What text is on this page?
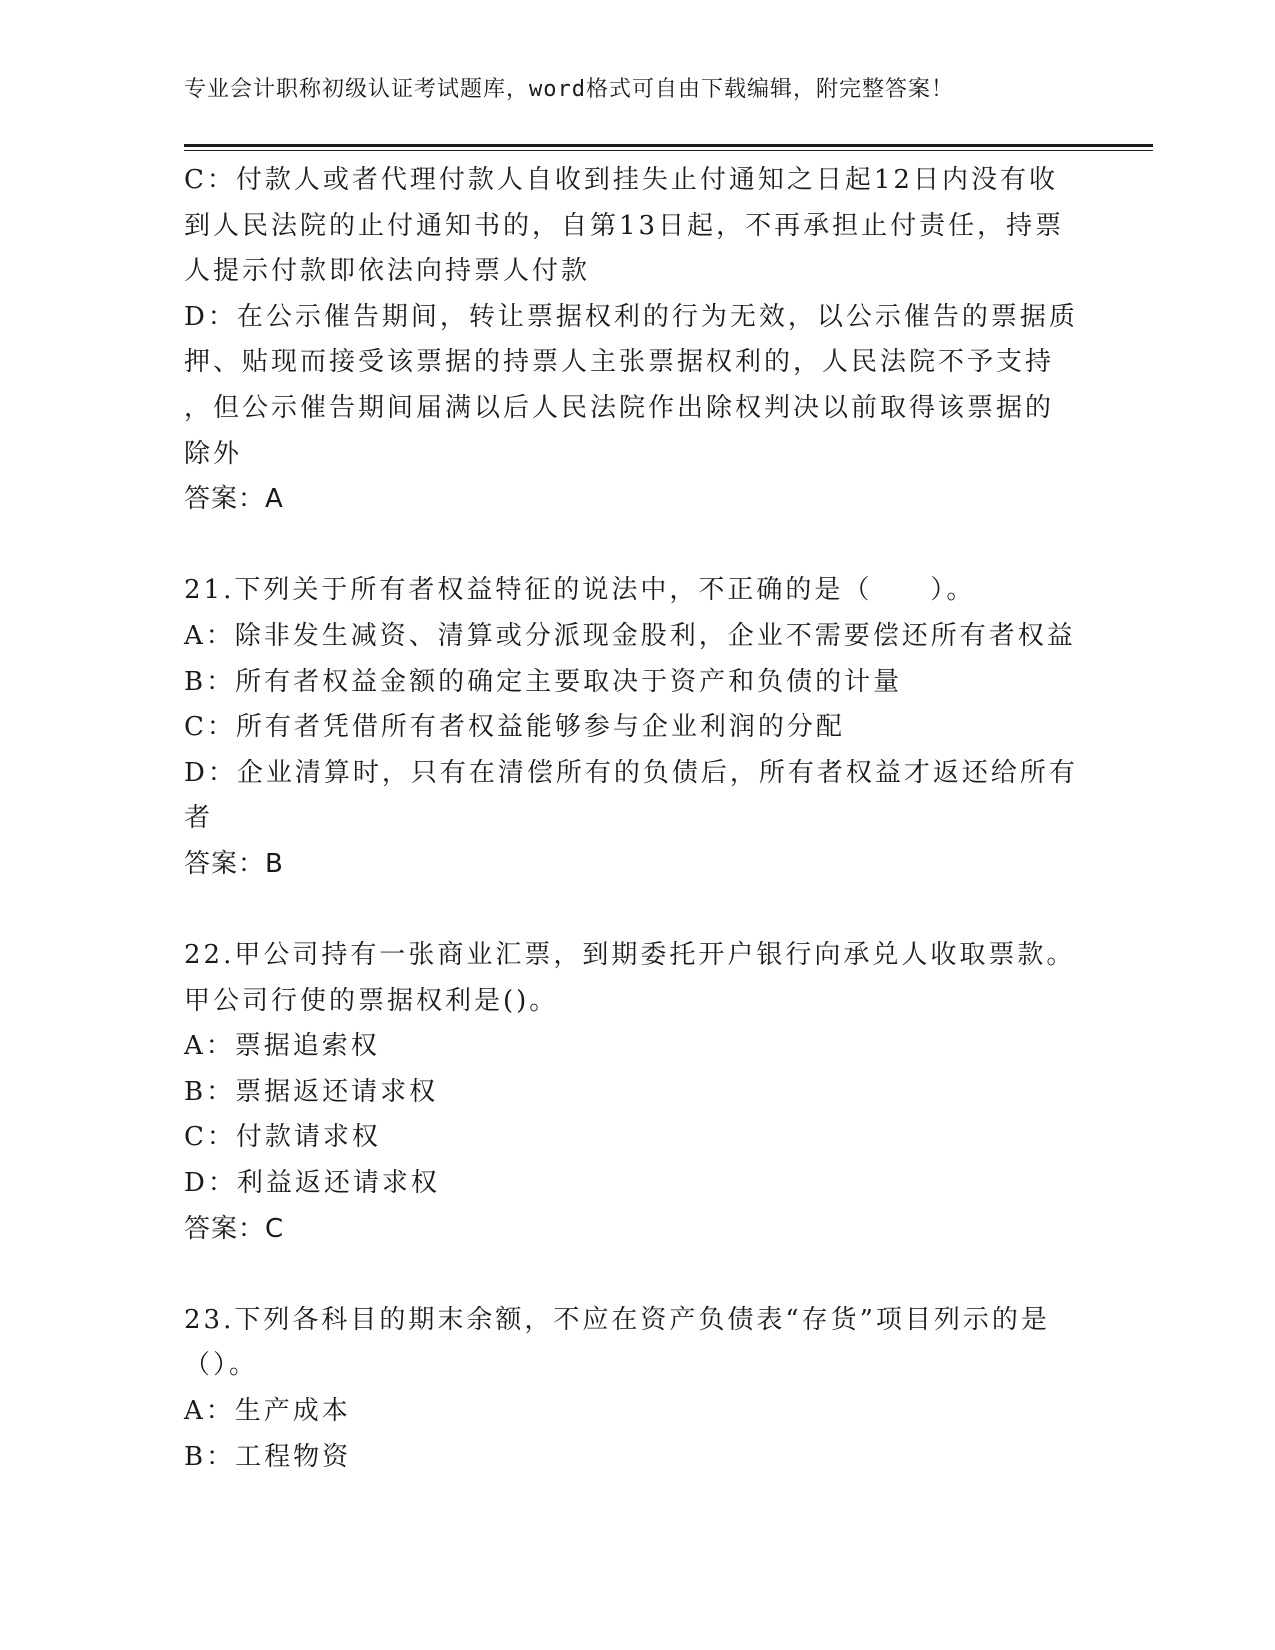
专业会计职称初级认证考试题库，word格式可自由下载编辑，附完整答案！
C：付款人或者代理付款人自收到挂失止付通知之日起12日内没有收
到人民法院的止付通知书的，自第13日起，不再承担止付责任，持票
人提示付款即依法向持票人付款
D：在公示催告期间，转让票据权利的行为无效，以公示催告的票据质
押、贴现而接受该票据的持票人主张票据权利的，人民法院不予支持
，但公示催告期间届满以后人民法院作出除权判决以前取得该票据的
除外
答案：A
21.下列关于所有者权益特征的说法中，不正确的是（　　）。
A：除非发生减资、清算或分派现金股利，企业不需要偿还所有者权益
B：所有者权益金额的确定主要取决于资产和负债的计量
C：所有者凭借所有者权益能够参与企业利润的分配
D：企业清算时，只有在清偿所有的负债后，所有者权益才返还给所有
者
答案：B
22.甲公司持有一张商业汇票，到期委托开户银行向承兑人收取票款。
甲公司行使的票据权利是()。
A：票据追索权
B：票据返还请求权
C：付款请求权
D：利益返还请求权
答案：C
23.下列各科目的期末余额，不应在资产负债表“存货”项目列示的是
（）。
A：生产成本
B：工程物资
